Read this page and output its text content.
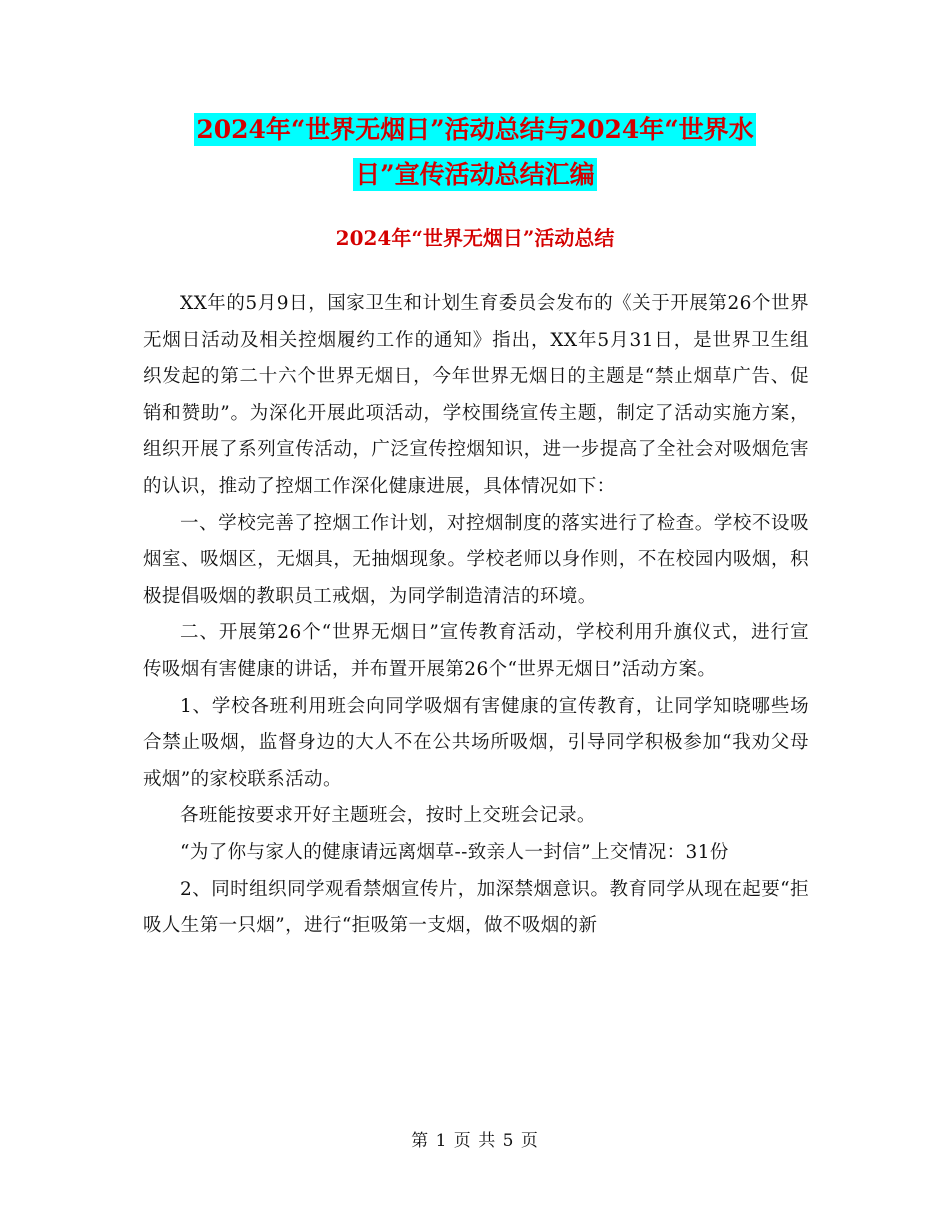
2024年“世界无烟日”活动总结与2024年“世界水
日”宣传活动总结汇编
2024年“世界无烟日”活动总结

XX年的5月9日，国家卫生和计划生育委员会发布的《关于开展第26个世界无烟日活动及相关控烟履约工作的通知》指出，XX年5月31日，是世界卫生组织发起的第二十六个世界无烟日，今年世界无烟日的主题是“禁止烟草广告、促销和赞助”。为深化开展此项活动，学校围绕宣传主题，制定了活动实施方案，组织开展了系列宣传活动，广泛宣传控烟知识，进一步提高了全社会对吸烟危害的认识，推动了控烟工作深化健康进展，具体情况如下：

一、学校完善了控烟工作计划，对控烟制度的落实进行了检查。学校不设吸烟室、吸烟区，无烟具，无抽烟现象。学校老师以身作则，不在校园内吸烟，积极提倡吸烟的教职员工戒烟，为同学制造清洁的环境。

二、开展第26个“世界无烟日”宣传教育活动，学校利用升旗仪式，进行宣传吸烟有害健康的讲话，并布置开展第26个“世界无烟日”活动方案。

1、学校各班利用班会向同学吸烟有害健康的宣传教育，让同学知晓哪些场合禁止吸烟，监督身边的大人不在公共场所吸烟，引导同学积极参加“我劝父母戒烟”的家校联系活动。

各班能按要求开好主题班会，按时上交班会记录。

“为了你与家人的健康请远离烟草--致亲人一封信”上交情况：31份

2、同时组织同学观看禁烟宣传片，加深禁烟意识。教育同学从现在起要“拒吸人生第一只烟”，进行“拒吸第一支烟，做不吸烟的新

第 1 页 共 5 页
